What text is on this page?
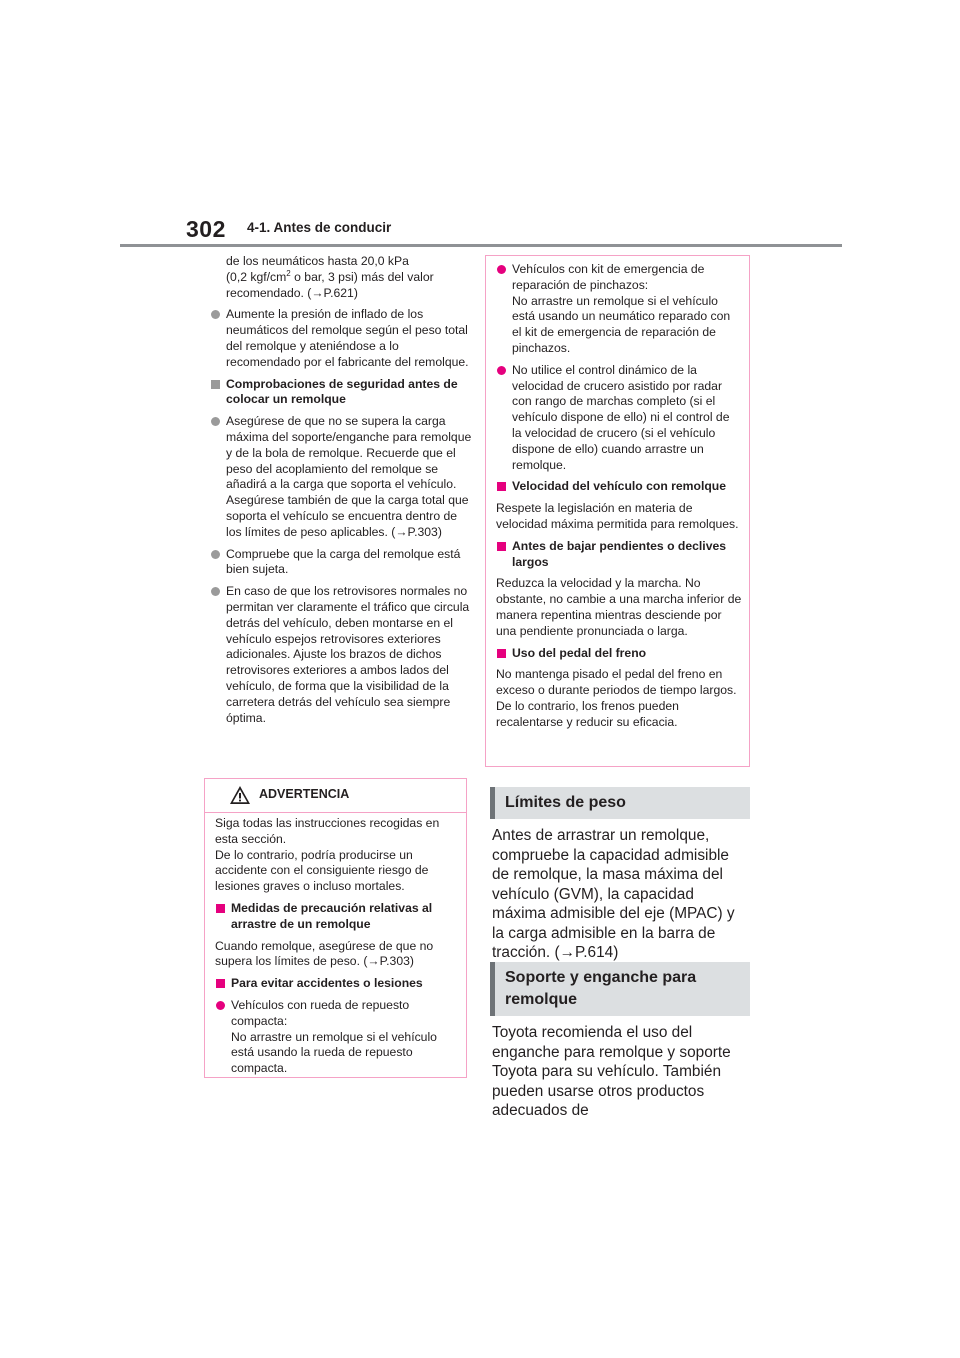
302 4-1. Antes de conducir
de los neumáticos hasta 20,0 kPa
(0,2 kgf/$cm^2$ o bar, 3 psi) más del valor
recomendado. (→P.621)
Aumente la presión de inflado de los neumáticos del remolque según el peso total del remolque y ateniéndose a lo recomendado por el fabricante del remolque.
Comprobaciones de seguridad antes de colocar un remolque
Asegúrese de que no se supera la carga máxima del soporte/enganche para remolque y de la bola de remolque. Recuerde que el peso del acoplamiento del remolque se añadirá a la carga que soporta el vehículo. Asegúrese también de que la carga total que soporta el vehículo se encuentra dentro de los límites de peso aplicables. (→P.303)
Compruebe que la carga del remolque está bien sujeta.
En caso de que los retrovisores normales no permitan ver claramente el tráfico que circula detrás del vehículo, deben montarse en el vehículo espejos retrovisores exteriores adicionales. Ajuste los brazos de dichos retrovisores exteriores a ambos lados del vehículo, de forma que la visibilidad de la carretera detrás del vehículo sea siempre óptima.
ADVERTENCIA
Siga todas las instrucciones recogidas en esta sección.
De lo contrario, podría producirse un accidente con el consiguiente riesgo de lesiones graves o incluso mortales.
Medidas de precaución relativas al arrastre de un remolque
Cuando remolque, asegúrese de que no supera los límites de peso. (→P.303)
Para evitar accidentes o lesiones
Vehículos con rueda de repuesto compacta:
No arrastre un remolque si el vehículo está usando la rueda de repuesto compacta.
Vehículos con kit de emergencia de reparación de pinchazos:
No arrastre un remolque si el vehículo está usando un neumático reparado con el kit de emergencia de reparación de pinchazos.
No utilice el control dinámico de la velocidad de crucero asistido por radar con rango de marchas completo (si el vehículo dispone de ello) ni el control de la velocidad de crucero (si el vehículo dispone de ello) cuando arrastre un remolque.
Velocidad del vehículo con remolque
Respete la legislación en materia de velocidad máxima permitida para remolques.
Antes de bajar pendientes o declives largos
Reduzca la velocidad y la marcha. No obstante, no cambie a una marcha inferior de manera repentina mientras desciende por una pendiente pronunciada o larga.
Uso del pedal del freno
No mantenga pisado el pedal del freno en exceso o durante periodos de tiempo largos.
De lo contrario, los frenos pueden recalentarse y reducir su eficacia.
Límites de peso
Antes de arrastrar un remolque, compruebe la capacidad admisible de remolque, la masa máxima del vehículo (GVM), la capacidad máxima admisible del eje (MPAC) y la carga admisible en la barra de tracción. (→P.614)
Soporte y enganche para remolque
Toyota recomienda el uso del enganche para remolque y soporte Toyota para su vehículo. También pueden usarse otros productos adecuados de
